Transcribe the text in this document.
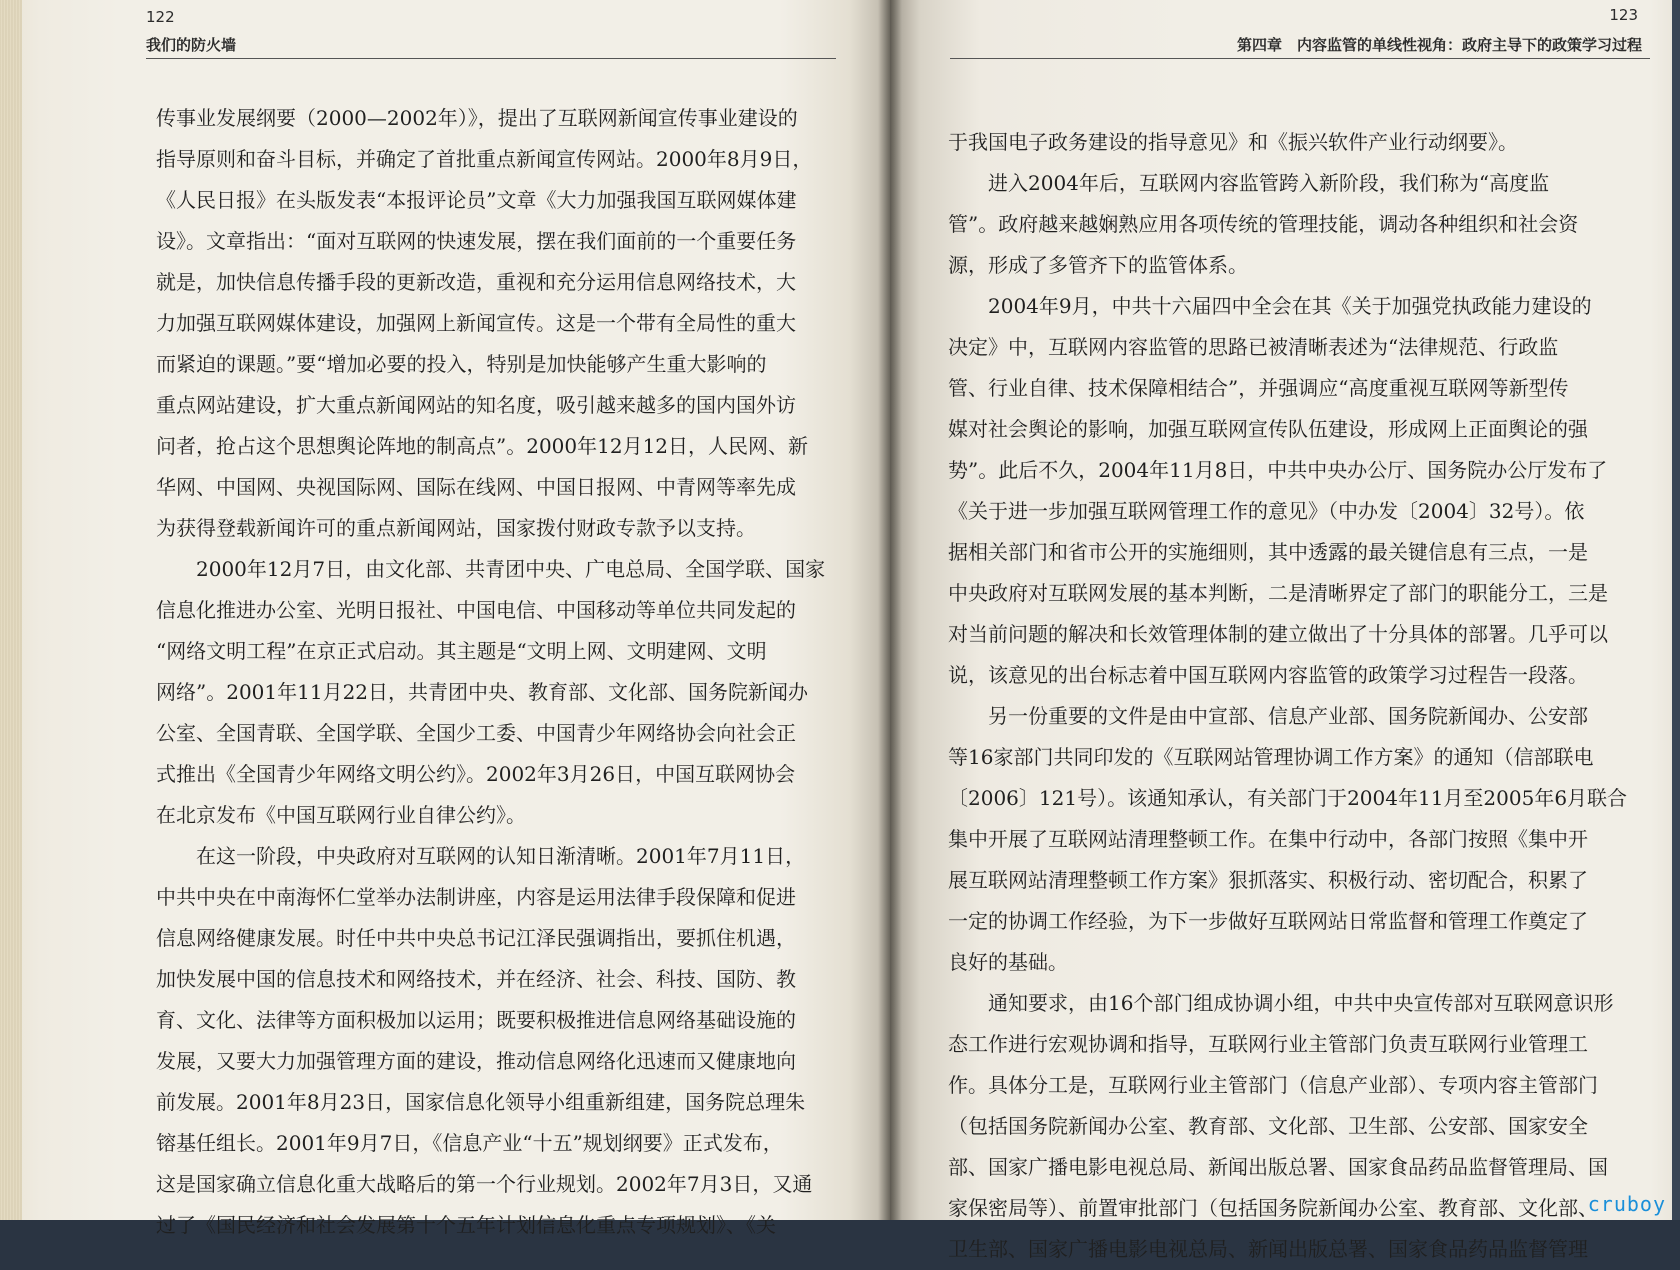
122
我们的防火墙
传事业发展纲要（2000—2002年）》，提出了互联网新闻宣传事业建设的
指导原则和奋斗目标，并确定了首批重点新闻宣传网站。2000年8月9日，
《人民日报》在头版发表“本报评论员”文章《大力加强我国互联网媒体建
设》。文章指出：“面对互联网的快速发展，摆在我们面前的一个重要任务
就是，加快信息传播手段的更新改造，重视和充分运用信息网络技术，大
力加强互联网媒体建设，加强网上新闻宣传。这是一个带有全局性的重大
而紧迫的课题。”要“增加必要的投入，特别是加快能够产生重大影响的
重点网站建设，扩大重点新闻网站的知名度，吸引越来越多的国内国外访
问者，抢占这个思想舆论阵地的制高点”。2000年12月12日，人民网、新
华网、中国网、央视国际网、国际在线网、中国日报网、中青网等率先成
为获得登载新闻许可的重点新闻网站，国家拨付财政专款予以支持。
　　2000年12月7日，由文化部、共青团中央、广电总局、全国学联、国家
信息化推进办公室、光明日报社、中国电信、中国移动等单位共同发起的
“网络文明工程”在京正式启动。其主题是“文明上网、文明建网、文明
网络”。2001年11月22日，共青团中央、教育部、文化部、国务院新闻办
公室、全国青联、全国学联、全国少工委、中国青少年网络协会向社会正
式推出《全国青少年网络文明公约》。2002年3月26日，中国互联网协会
在北京发布《中国互联网行业自律公约》。
　　在这一阶段，中央政府对互联网的认知日渐清晰。2001年7月11日，
中共中央在中南海怀仁堂举办法制讲座，内容是运用法律手段保障和促进
信息网络健康发展。时任中共中央总书记江泽民强调指出，要抓住机遇，
加快发展中国的信息技术和网络技术，并在经济、社会、科技、国防、教
育、文化、法律等方面积极加以运用；既要积极推进信息网络基础设施的
发展，又要大力加强管理方面的建设，推动信息网络化迅速而又健康地向
前发展。2001年8月23日，国家信息化领导小组重新组建，国务院总理朱
镕基任组长。2001年9月7日，《信息产业“十五”规划纲要》正式发布，
这是国家确立信息化重大战略后的第一个行业规划。2002年7月3日，又通
过了《国民经济和社会发展第十个五年计划信息化重点专项规划》、《关
123
第四章　内容监管的单线性视角：政府主导下的政策学习过程
于我国电子政务建设的指导意见》和《振兴软件产业行动纲要》。
　　进入2004年后，互联网内容监管跨入新阶段，我们称为“高度监
管”。政府越来越娴熟应用各项传统的管理技能，调动各种组织和社会资
源，形成了多管齐下的监管体系。
　　2004年9月，中共十六届四中全会在其《关于加强党执政能力建设的
决定》中，互联网内容监管的思路已被清晰表述为“法律规范、行政监
管、行业自律、技术保障相结合”，并强调应“高度重视互联网等新型传
媒对社会舆论的影响，加强互联网宣传队伍建设，形成网上正面舆论的强
势”。此后不久，2004年11月8日，中共中央办公厅、国务院办公厅发布了
《关于进一步加强互联网管理工作的意见》（中办发〔2004〕32号）。依
据相关部门和省市公开的实施细则，其中透露的最关键信息有三点，一是
中央政府对互联网发展的基本判断，二是清晰界定了部门的职能分工，三是
对当前问题的解决和长效管理体制的建立做出了十分具体的部署。几乎可以
说，该意见的出台标志着中国互联网内容监管的政策学习过程告一段落。
　　另一份重要的文件是由中宣部、信息产业部、国务院新闻办、公安部
等16家部门共同印发的《互联网站管理协调工作方案》的通知（信部联电
〔2006〕121号）。该通知承认，有关部门于2004年11月至2005年6月联合
集中开展了互联网站清理整顿工作。在集中行动中，各部门按照《集中开
展互联网站清理整顿工作方案》狠抓落实、积极行动、密切配合，积累了
一定的协调工作经验，为下一步做好互联网站日常监督和管理工作奠定了
良好的基础。
　　通知要求，由16个部门组成协调小组，中共中央宣传部对互联网意识形
态工作进行宏观协调和指导，互联网行业主管部门负责互联网行业管理工
作。具体分工是，互联网行业主管部门（信息产业部）、专项内容主管部门
（包括国务院新闻办公室、教育部、文化部、卫生部、公安部、国家安全
部、国家广播电影电视总局、新闻出版总署、国家食品药品监督管理局、国
家保密局等）、前置审批部门（包括国务院新闻办公室、教育部、文化部、
卫生部、国家广播电影电视总局、新闻出版总署、国家食品药品监督管理
cruboy
